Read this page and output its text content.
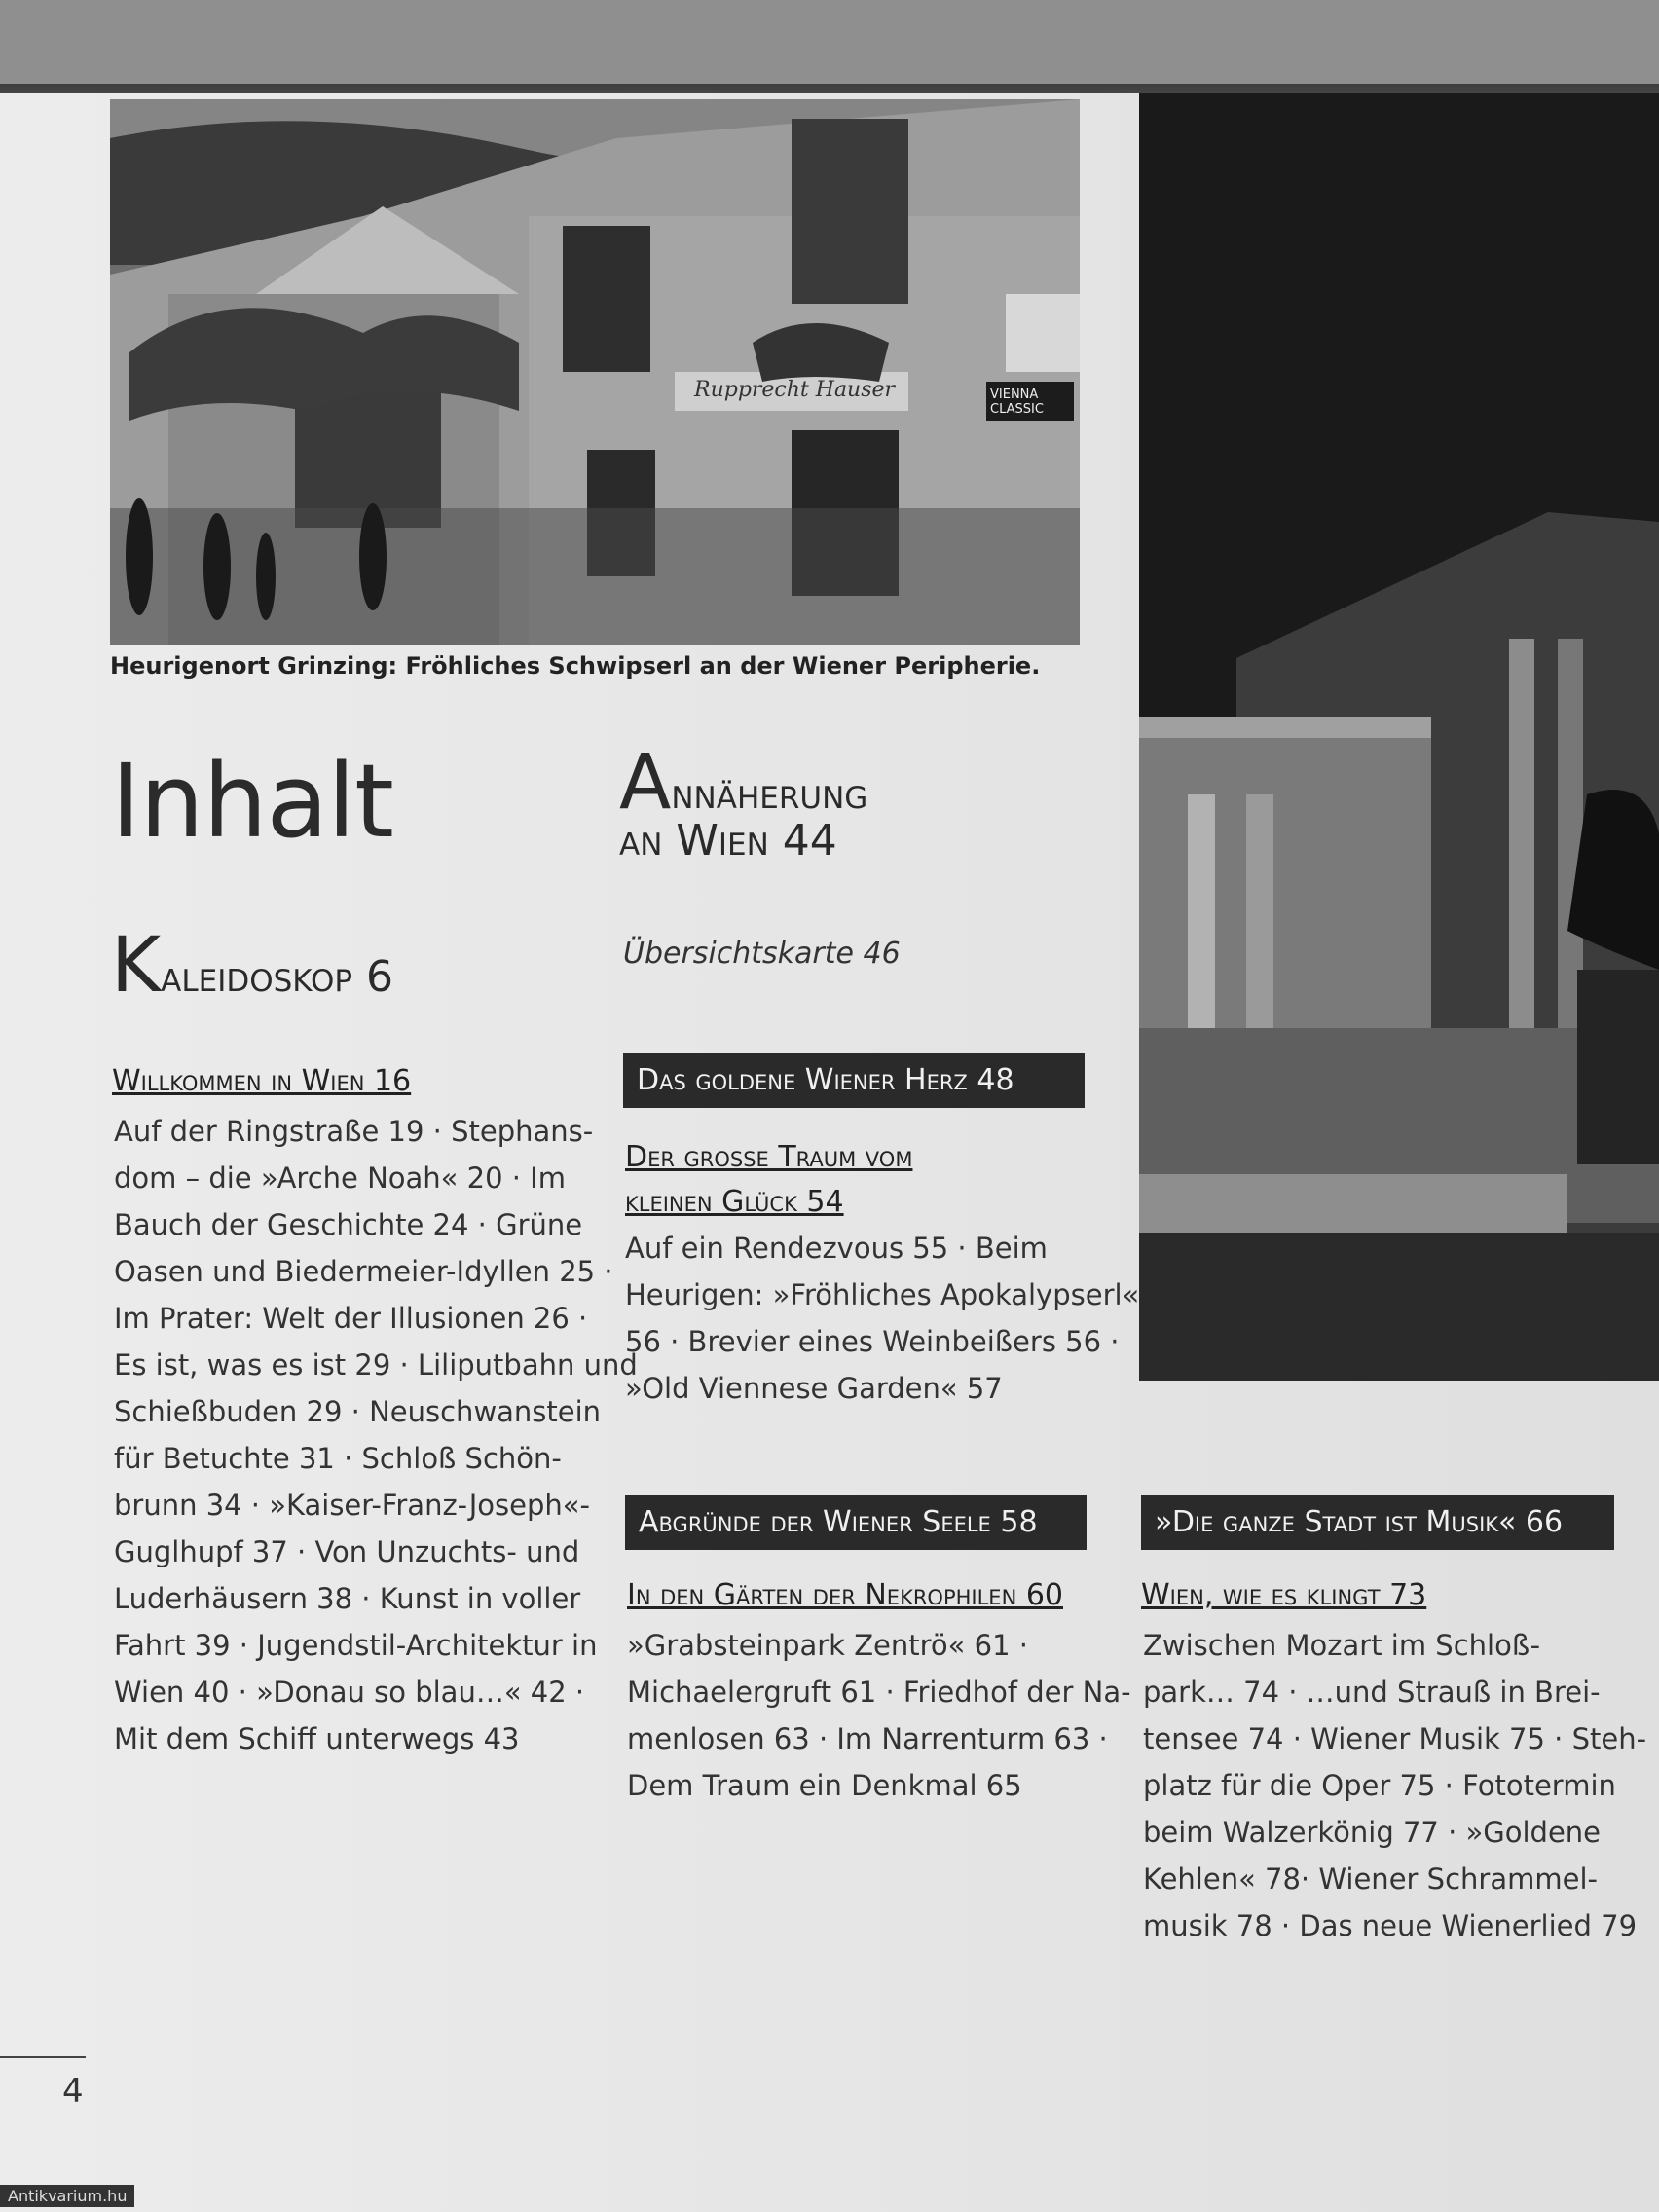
Rupprecht Hauser	VIENNA CLASSIC
Heurigenort Grinzing: Fröhliches Schwipserl an der Wiener Peripherie.
Inhalt
Kaleidoskop 6
Annäherung
an Wien 44
Übersichtskarte 46
Das goldene Wiener Herz 48
Abgründe der Wiener Seele 58	»Die ganze Stadt ist Musik« 66
Willkommen in Wien 16
Der grosse Traum vom
kleinen Glück 54
In den Gärten der Nekrophilen 60	Wien, wie es klingt 73
Auf der Ringstraße 19 · Stephans-
dom – die »Arche Noah« 20 · Im
Bauch der Geschichte 24 · Grüne
Oasen und Biedermeier-Idyllen 25 ·
Im Prater: Welt der Illusionen 26 ·
Es ist, was es ist 29 · Liliputbahn und
Schießbuden 29 · Neuschwanstein
für Betuchte 31 · Schloß Schön-
brunn 34 · »Kaiser-Franz-Joseph«-
Guglhupf 37 · Von Unzuchts- und
Luderhäusern 38 · Kunst in voller
Fahrt 39 · Jugendstil-Architektur in
Wien 40 · »Donau so blau…« 42 ·
Mit dem Schiff unterwegs 43
Auf ein Rendezvous 55 · Beim
Heurigen: »Fröhliches Apokalypserl«
56 · Brevier eines Weinbeißers 56 ·
»Old Viennese Garden« 57
»Grabsteinpark Zentrö« 61 ·
Michaelergruft 61 · Friedhof der Na-
menlosen 63 · Im Narrenturm 63 ·
Dem Traum ein Denkmal 65
Zwischen Mozart im Schloß-
park… 74 · …und Strauß in Brei-
tensee 74 · Wiener Musik 75 · Steh-
platz für die Oper 75 · Fototermin
beim Walzerkönig 77 · »Goldene
Kehlen« 78· Wiener Schrammel-
musik 78 · Das neue Wienerlied 79
4
Antikvarium.hu
